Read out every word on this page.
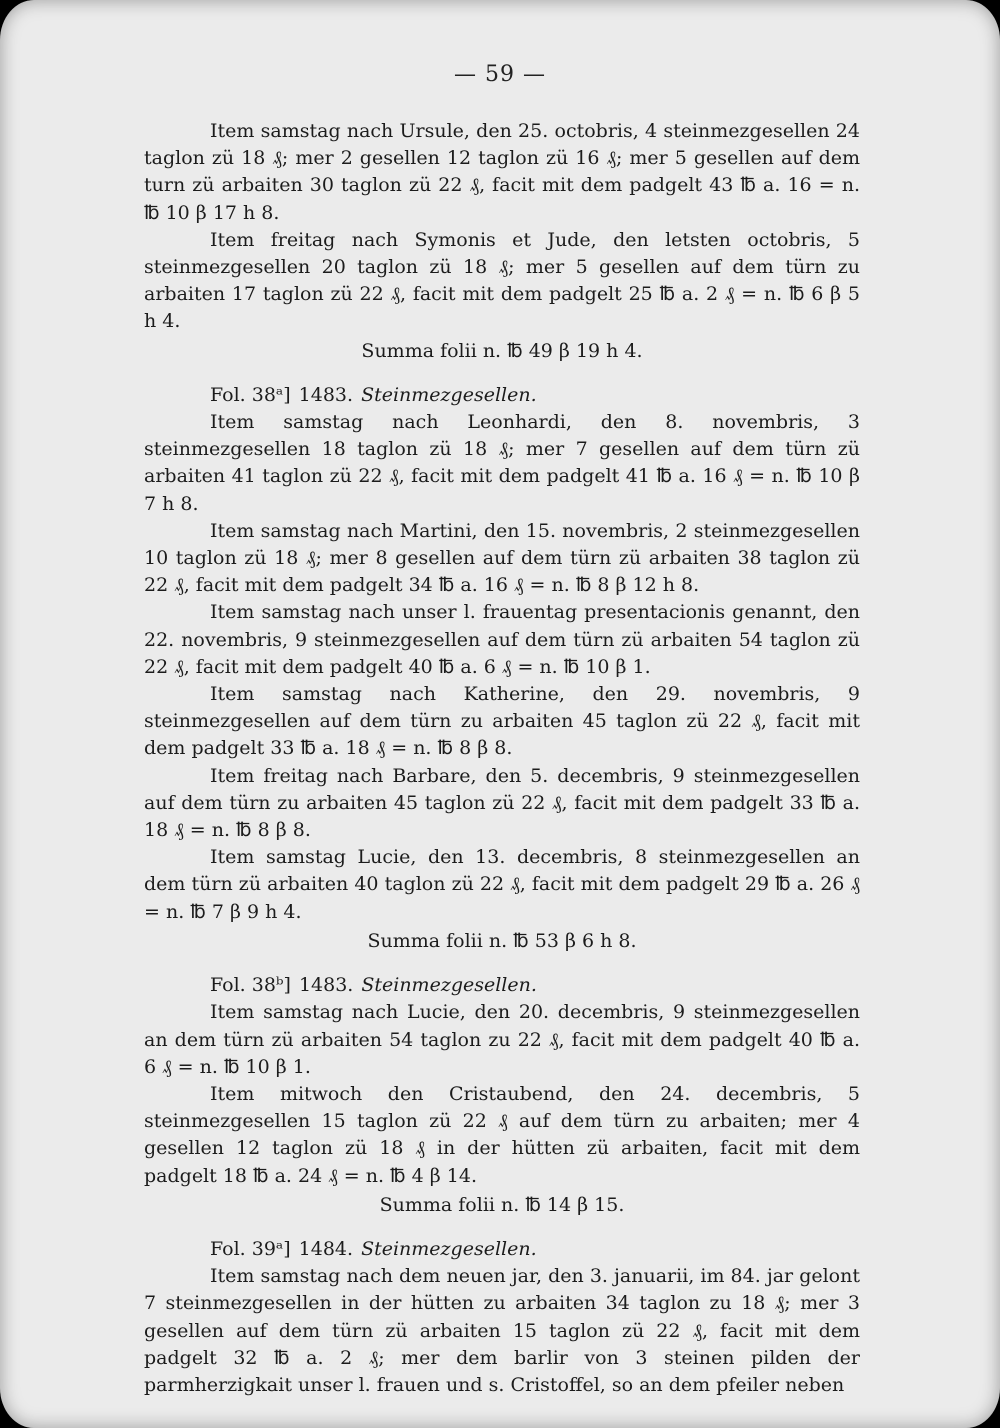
— 59 —

Item samstag nach Ursule, den 25. octobris, 4 steinmezgesellen 24 taglon zü 18 ₰; mer 2 gesellen 12 taglon zü 16 ₰; mer 5 gesellen auf dem turn zü arbaiten 30 taglon zü 22 ₰, facit mit dem padgelt 43 ℔ a. 16 = n. ℔ 10 β 17 h 8.

Item freitag nach Symonis et Jude, den letsten octobris, 5 steinmezgesellen 20 taglon zü 18 ₰; mer 5 gesellen auf dem türn zu arbaiten 17 taglon zü 22 ₰, facit mit dem padgelt 25 ℔ a. 2 ₰ = n. ℔ 6 β 5 h 4.

Summa folii n. ℔ 49 β 19 h 4.

Fol. 38ᵃ] 1483. Steinmezgesellen.

Item samstag nach Leonhardi, den 8. novembris, 3 steinmezgesellen 18 taglon zü 18 ₰; mer 7 gesellen auf dem türn zü arbaiten 41 taglon zü 22 ₰, facit mit dem padgelt 41 ℔ a. 16 ₰ = n. ℔ 10 β 7 h 8.

Item samstag nach Martini, den 15. novembris, 2 steinmezgesellen 10 taglon zü 18 ₰; mer 8 gesellen auf dem türn zü arbaiten 38 taglon zü 22 ₰, facit mit dem padgelt 34 ℔ a. 16 ₰ = n. ℔ 8 β 12 h 8.

Item samstag nach unser l. frauentag presentacionis genannt, den 22. novembris, 9 steinmezgesellen auf dem türn zü arbaiten 54 taglon zü 22 ₰, facit mit dem padgelt 40 ℔ a. 6 ₰ = n. ℔ 10 β 1.

Item samstag nach Katherine, den 29. novembris, 9 steinmezgesellen auf dem türn zu arbaiten 45 taglon zü 22 ₰, facit mit dem padgelt 33 ℔ a. 18 ₰ = n. ℔ 8 β 8.

Item freitag nach Barbare, den 5. decembris, 9 steinmezgesellen auf dem türn zu arbaiten 45 taglon zü 22 ₰, facit mit dem padgelt 33 ℔ a. 18 ₰ = n. ℔ 8 β 8.

Item samstag Lucie, den 13. decembris, 8 steinmezgesellen an dem türn zü arbaiten 40 taglon zü 22 ₰, facit mit dem padgelt 29 ℔ a. 26 ₰ = n. ℔ 7 β 9 h 4.

Summa folii n. ℔ 53 β 6 h 8.

Fol. 38ᵇ] 1483. Steinmezgesellen.

Item samstag nach Lucie, den 20. decembris, 9 steinmezgesellen an dem türn zü arbaiten 54 taglon zu 22 ₰, facit mit dem padgelt 40 ℔ a. 6 ₰ = n. ℔ 10 β 1.

Item mitwoch den Cristaubend, den 24. decembris, 5 steinmezgesellen 15 taglon zü 22 ₰ auf dem türn zu arbaiten; mer 4 gesellen 12 taglon zü 18 ₰ in der hütten zü arbaiten, facit mit dem padgelt 18 ℔ a. 24 ₰ = n. ℔ 4 β 14.

Summa folii n. ℔ 14 β 15.

Fol. 39ᵃ] 1484. Steinmezgesellen.

Item samstag nach dem neuen jar, den 3. januarii, im 84. jar gelont 7 steinmezgesellen in der hütten zu arbaiten 34 taglon zu 18 ₰; mer 3 gesellen auf dem türn zü arbaiten 15 taglon zü 22 ₰, facit mit dem padgelt 32 ℔ a. 2 ₰; mer dem barlir von 3 steinen pilden der parmherzigkait unser l. frauen und s. Cristoffel, so an dem pfeiler neben
